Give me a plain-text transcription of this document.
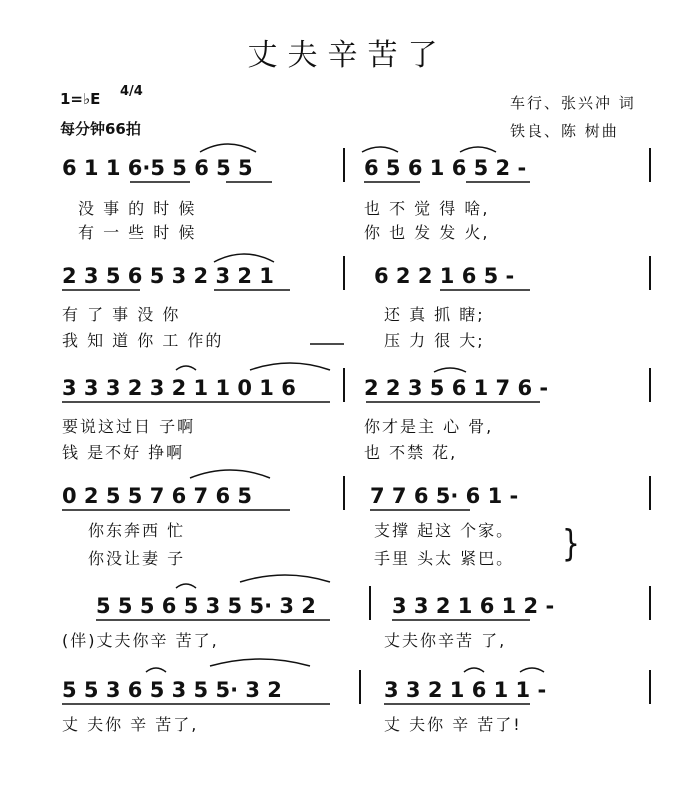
丈夫辛苦了
1=♭E 4/4
每分钟66拍
车行、张兴冲 词
铁良、陈 树曲
6 1 1 6·5 5 6 5 5	6 5 6 1 6 5 2 -
没 事 的 时 候	也 不 觉 得 啥,
有 一 些 时 候	你 也 发 发 火,
2 3 5 6 5 3 2 3 2 1	6 2 2 1 6 5 -
有 了 事 没 你	还 真 抓 瞎;
我 知 道 你 工 作的	压 力 很 大;
3 3 3 2 3 2 1 1 0 1 6	2 2 3 5 6 1 7 6 -
要说这过日 子啊	你才是主 心 骨,
钱 是不好 挣啊	也 不禁 花,
0 2 5 5 7 6 7 6 5	7 7 6 5· 6 1 -
你东奔西 忙	支撑 起这 个家。
你没让妻 子	手里 头太 紧巴。 }
5 5 5 6 5 3 5 5· 3 2	3 3 2 1 6 1 2 -
(伴)丈夫你辛 苦了,	丈夫你辛苦 了,
5 5 3 6 5 3 5 5· 3 2	3 3 2 1 6 1 1 -
丈 夫你 辛 苦了,	丈 夫你 辛 苦了!
